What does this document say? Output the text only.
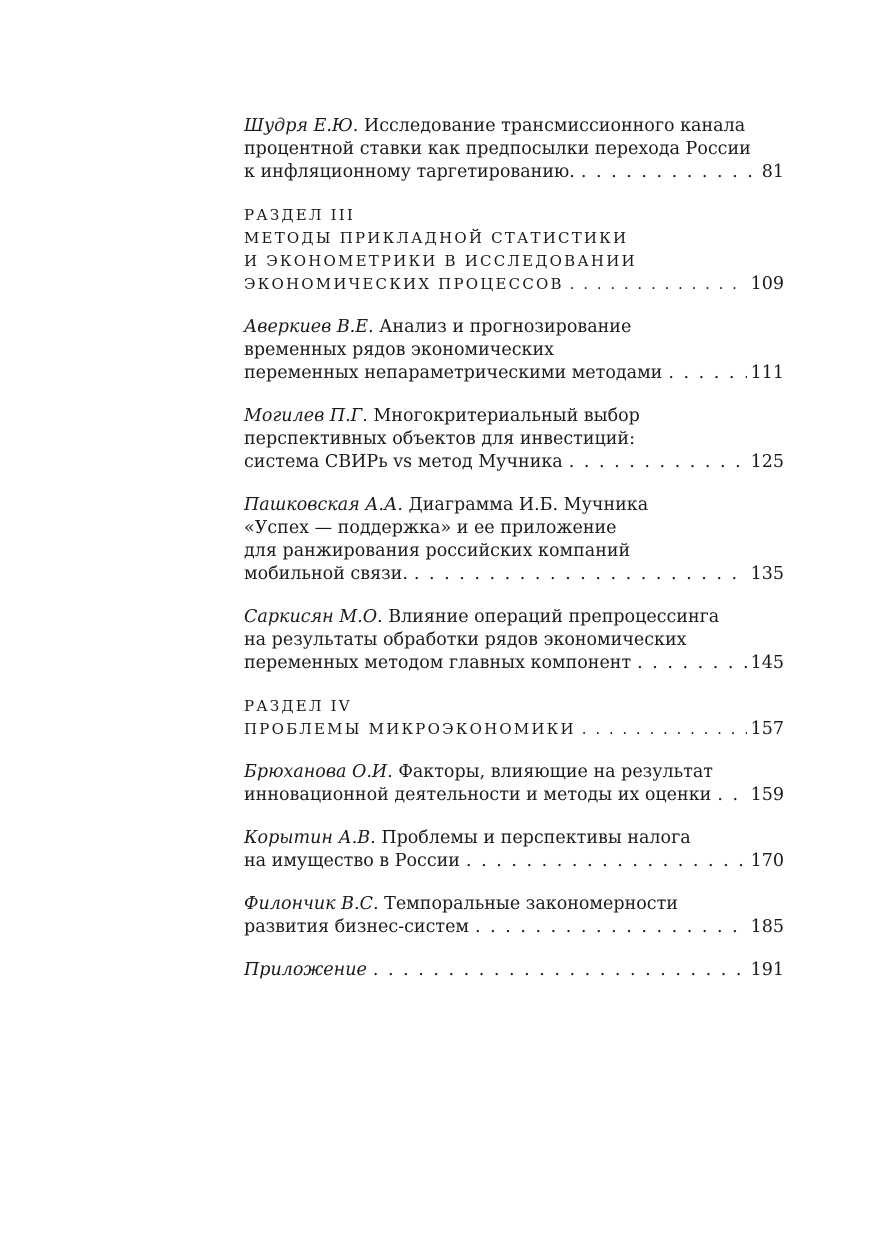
Шудря Е.Ю. Исследование трансмиссионного канала
процентной ставки как предпосылки перехода России
к инфляционному таргетированию. . . .	81
РАЗДЕЛ III
МЕТОДЫ ПРИКЛАДНОЙ СТАТИСТИКИ
И ЭКОНОМЕТРИКИ В ИССЛЕДОВАНИИ
ЭКОНОМИЧЕСКИХ ПРОЦЕССОВ . . .	109
Аверкиев В.Е. Анализ и прогнозирование
временных рядов экономических
переменных непараметрическими методами . . .	111
Могилев П.Г. Многокритериальный выбор
перспективных объектов для инвестиций:
система СВИРь vs метод Мучника . . .	125
Пашковская А.А. Диаграмма И.Б. Мучника
«Успех — поддержка» и ее приложение
для ранжирования российских компаний
мобильной связи. . . .	135
Саркисян М.О. Влияние операций препроцессинга
на результаты обработки рядов экономических
переменных методом главных компонент . . .	145
РАЗДЕЛ IV
ПРОБЛЕМЫ МИКРОЭКОНОМИКИ . . .	157
Брюханова О.И. Факторы, влияющие на результат
инновационной деятельности и методы их оценки . . . 159
Корытин А.В. Проблемы и перспективы налога
на имущество в России . . .	170
Филончик В.С. Темпоральные закономерности
развития бизнес-систем . . .	185
Приложение . . .	191
